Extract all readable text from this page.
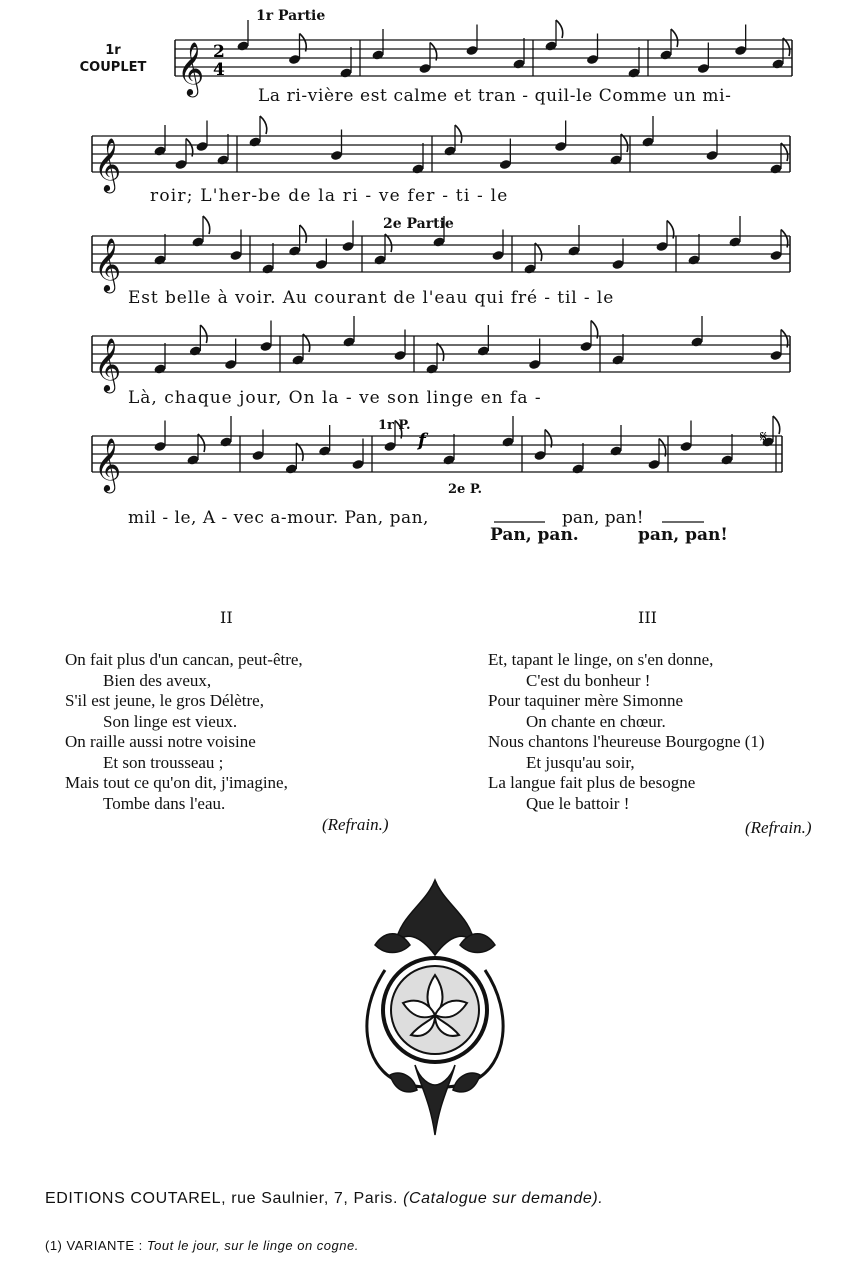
𝄞
𝄞
𝄞
𝄞
𝄞
2
4
f	𝄋
1r
COUPLET
1r Partie
2e Partie
1r P.
2e P.
La ri-vière est calme et tran - quil-le Comme un mi-
roir; L'her-be de la ri - ve fer - ti - le
Est belle à voir. Au courant de l'eau qui fré - til - le
Là, chaque jour, On la - ve son linge en fa -
mil - le, A - vec a-mour. Pan, pan,	pan, pan!
Pan, pan.	pan, pan!
II	III
On fait plus d'un cancan, peut-être,
Bien des aveux,
S'il est jeune, le gros Délètre,
Son linge est vieux.
On raille aussi notre voisine
Et son trousseau ;
Mais tout ce qu'on dit, j'imagine,
Tombe dans l'eau.
Et, tapant le linge, on s'en donne,
C'est du bonheur !
Pour taquiner mère Simonne
On chante en chœur.
Nous chantons l'heureuse Bourgogne (1)
Et jusqu'au soir,
La langue fait plus de besogne
Que le battoir !
(Refrain.)	(Refrain.)
EDITIONS COUTAREL, rue Saulnier, 7, Paris. (Catalogue sur demande).
(1) VARIANTE : Tout le jour, sur le linge on cogne.
